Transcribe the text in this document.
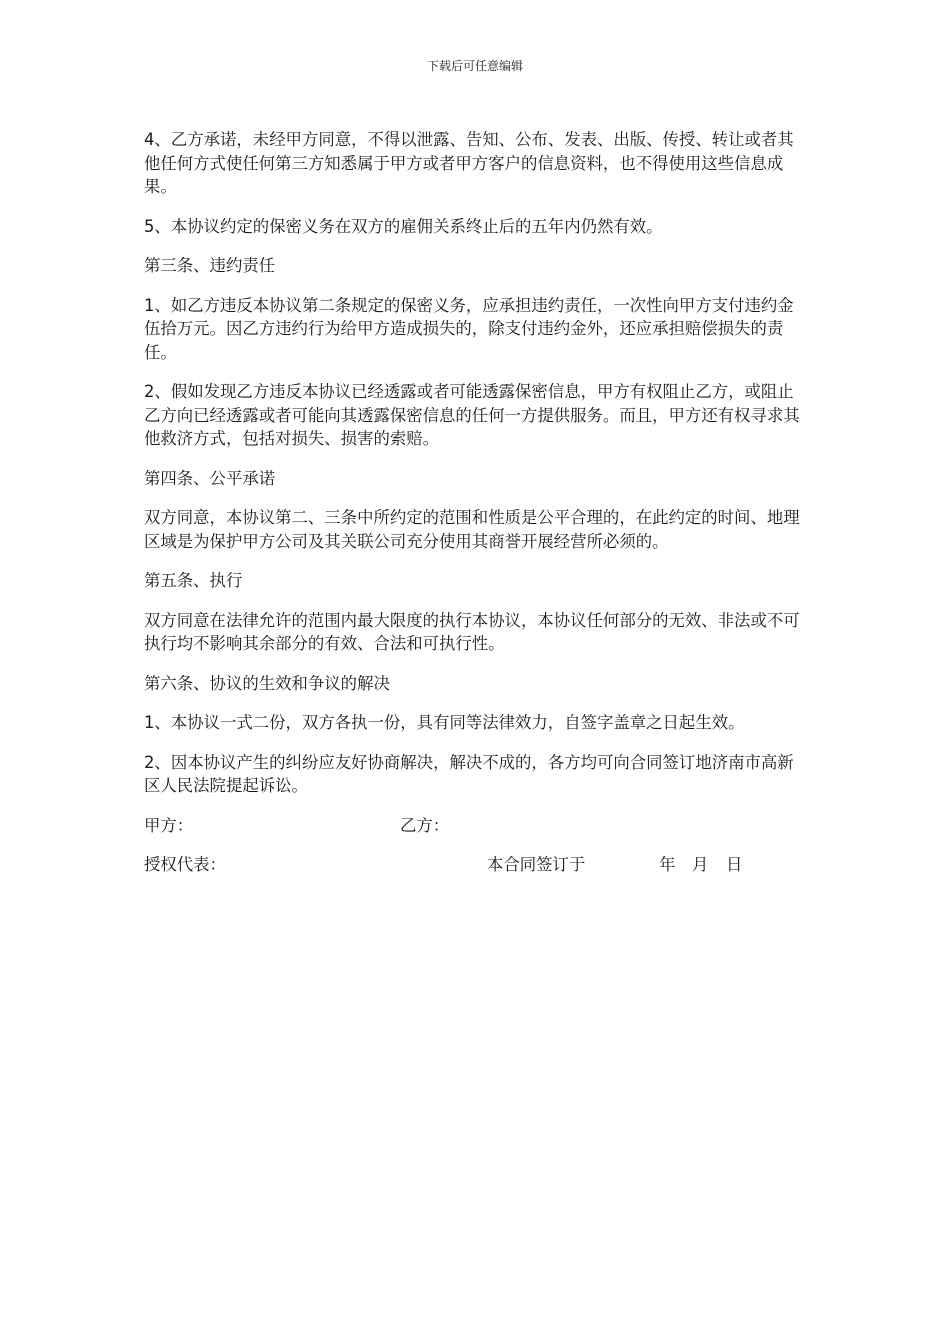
下载后可任意编辑

4、乙方承诺，未经甲方同意，不得以泄露、告知、公布、发表、出版、传授、转让或者其他任何方式使任何第三方知悉属于甲方或者甲方客户的信息资料，也不得使用这些信息成果。

5、本协议约定的保密义务在双方的雇佣关系终止后的五年内仍然有效。

第三条、违约责任

1、如乙方违反本协议第二条规定的保密义务，应承担违约责任，一次性向甲方支付违约金伍拾万元。因乙方违约行为给甲方造成损失的，除支付违约金外，还应承担赔偿损失的责任。

2、假如发现乙方违反本协议已经透露或者可能透露保密信息，甲方有权阻止乙方，或阻止乙方向已经透露或者可能向其透露保密信息的任何一方提供服务。而且，甲方还有权寻求其他救济方式，包括对损失、损害的索赔。

第四条、公平承诺

双方同意，本协议第二、三条中所约定的范围和性质是公平合理的，在此约定的时间、地理区域是为保护甲方公司及其关联公司充分使用其商誉开展经营所必须的。

第五条、执行

双方同意在法律允许的范围内最大限度的执行本协议，本协议任何部分的无效、非法或不可执行均不影响其余部分的有效、合法和可执行性。

第六条、协议的生效和争议的解决

1、本协议一式二份，双方各执一份，具有同等法律效力，自签字盖章之日起生效。

2、因本协议产生的纠纷应友好协商解决，解决不成的，各方均可向合同签订地济南市高新区人民法院提起诉讼。

甲方：	乙方：
授权代表：	本合同签订于	年 月 日
